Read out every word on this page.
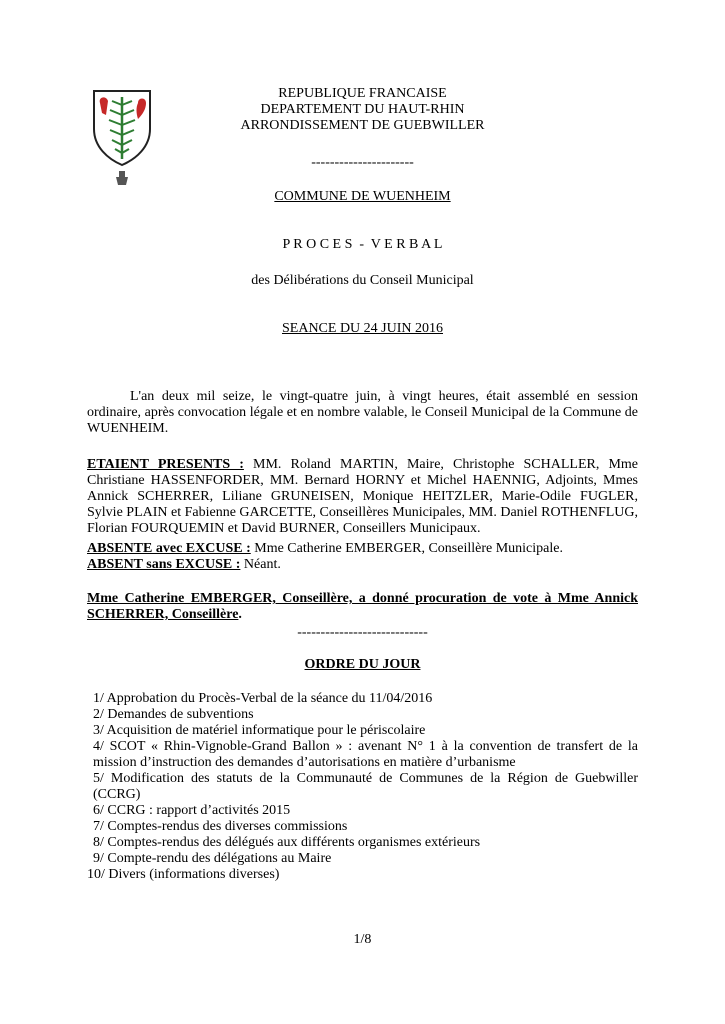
REPUBLIQUE FRANCAISE
DEPARTEMENT DU HAUT-RHIN
ARRONDISSEMENT DE GUEBWILLER
----------------------
COMMUNE DE WUENHEIM
P R O C E S  -  V E R B A L
des Délibérations du Conseil Municipal
SEANCE DU 24 JUIN 2016
L'an deux mil seize, le vingt-quatre juin, à vingt heures, était assemblé en session ordinaire, après convocation légale et en nombre valable, le Conseil Municipal de la Commune de WUENHEIM.
ETAIENT PRESENTS : MM. Roland MARTIN, Maire, Christophe SCHALLER, Mme Christiane HASSENFORDER, MM. Bernard HORNY et Michel HAENNIG, Adjoints, Mmes Annick SCHERRER, Liliane GRUNEISEN, Monique HEITZLER, Marie-Odile FUGLER, Sylvie PLAIN et Fabienne GARCETTE, Conseillères Municipales, MM. Daniel ROTHENFLUG, Florian FOURQUEMIN et David BURNER, Conseillers Municipaux.
ABSENTE avec EXCUSE : Mme Catherine EMBERGER, Conseillère Municipale.
ABSENT sans EXCUSE : Néant.
Mme Catherine EMBERGER, Conseillère, a donné procuration de vote à Mme Annick SCHERRER, Conseillère.
----------------------------
ORDRE DU JOUR
1/ Approbation du Procès-Verbal de la séance du 11/04/2016
2/ Demandes de subventions
3/ Acquisition de matériel informatique pour le périscolaire
4/ SCOT « Rhin-Vignoble-Grand Ballon » : avenant N° 1 à la convention de transfert de la mission d’instruction des demandes d’autorisations en matière d’urbanisme
5/ Modification des statuts de la Communauté de Communes de la Région de Guebwiller (CCRG)
6/ CCRG : rapport d’activités 2015
7/ Comptes-rendus des diverses commissions
8/ Comptes-rendus des délégués aux différents organismes extérieurs
9/ Compte-rendu des délégations au Maire
10/ Divers (informations diverses)
1/8
